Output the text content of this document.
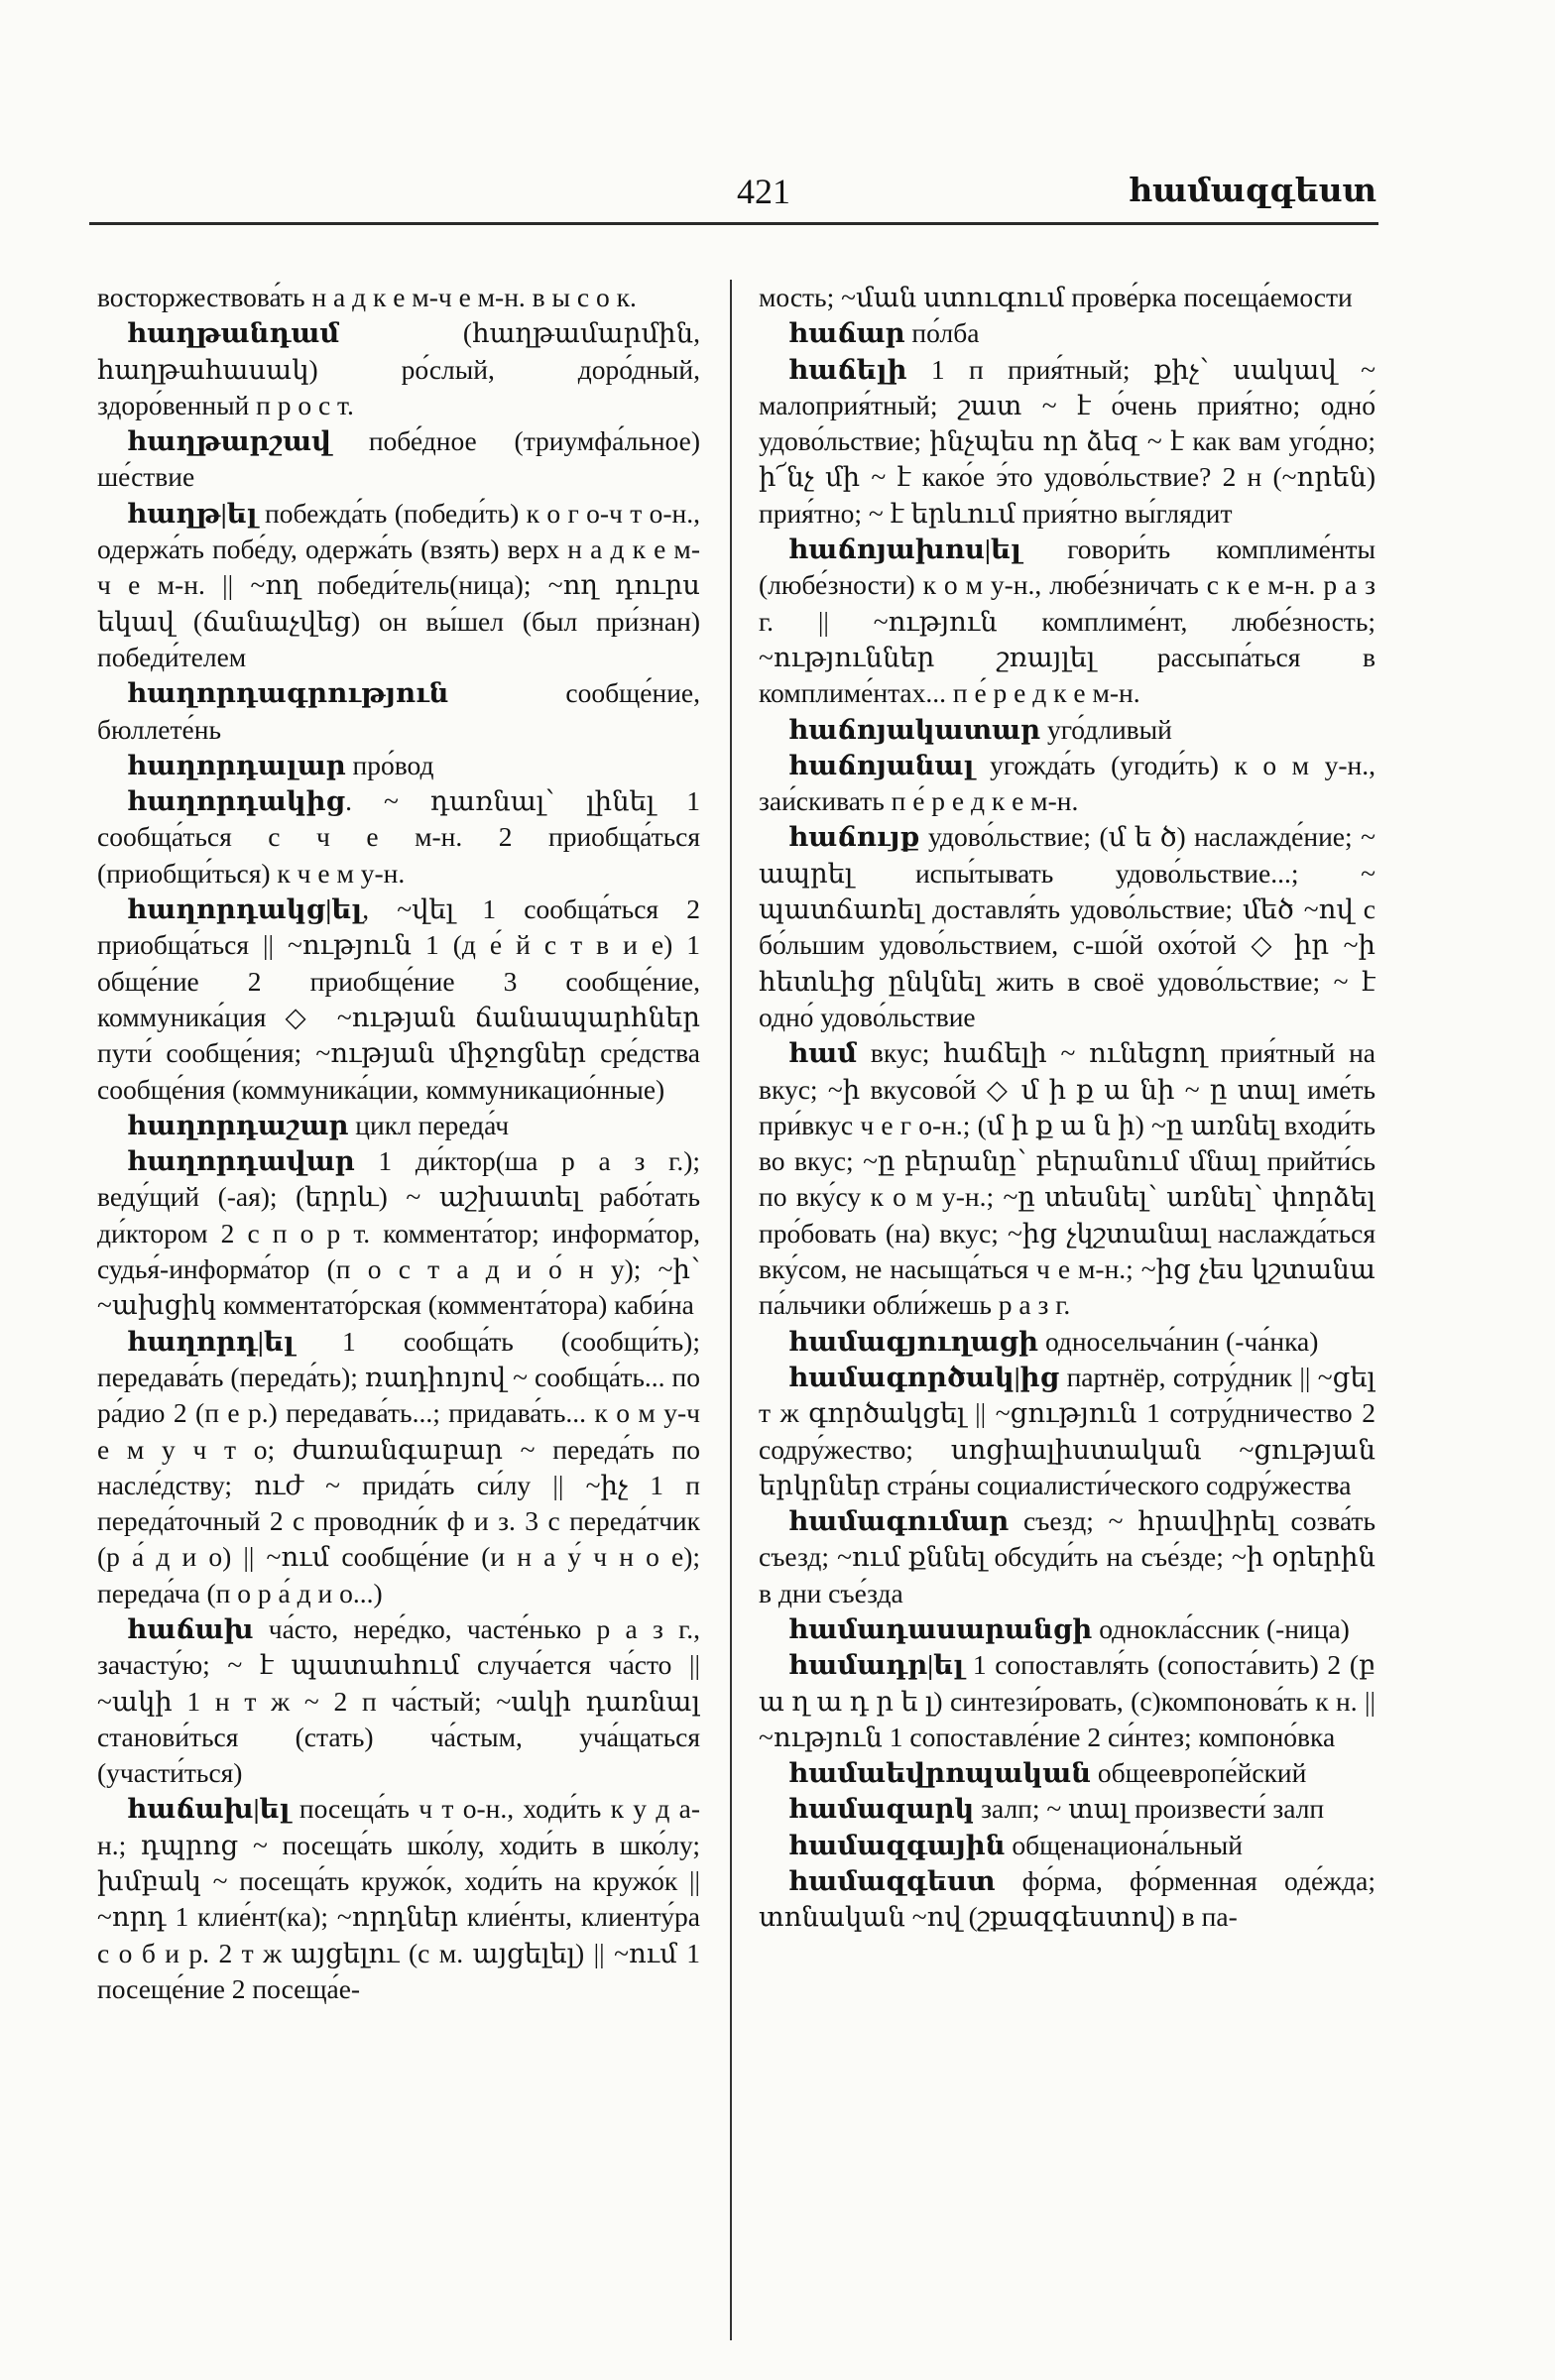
421	համազգեստ

восторжествова́ть н а д к е м-ч е м-н. в ы с о к.

հաղթանդամ (հաղթամարմին, հաղթահասակ) ро́слый, доро́дный, здоро́венный п р о с т.

հաղթարշավ побе́дное (триумфа́льное) ше́ствие

հաղթ|ել побежда́ть (победи́ть) к о г о-ч т о-н., одержа́ть побе́ду, одержа́ть (взять) верх н а д к е м-ч е м-н. || ~ող победи́тель(ница); ~ող դուրս եկավ (ճանաչվեց) он вы́шел (был при́знан) победи́телем

հաղորդագրություն сообще́ние, бюллете́нь

հաղորդալար про́вод

հաղորդակից. ~ դառնալ՝ լինել 1 сообща́ться с ч е м-н. 2 приобща́ться (приобщи́ться) к ч е м у-н.

հաղորդակց|ել, ~վել 1 сообща́ться 2 приобща́ться || ~ություն 1 (д е́ й с т в и е) 1 обще́ние 2 приобще́ние 3 сообще́ние, коммуника́ция ◇ ~ության ճանապարհներ пути́ сообще́ния; ~ության միջոցներ сре́дства сообще́ния (коммуника́ции, коммуникацио́нные)

հաղորդաշար цикл переда́ч

հաղորդավար 1 ди́ктор(ша р а з г.); веду́щий (-ая); (երրև) ~ աշխատել рабо́тать ди́ктором 2 с п о р т. коммента́тор; информа́тор, судья́-информа́тор (п о с т а д и о́ н у); ~ի՝ ~ախցիկ комментато́рская (коммента́тора) каби́на

հաղորդ|ել 1 сообща́ть (сообщи́ть); передава́ть (переда́ть); ռադիոյով ~ сообща́ть... по ра́дио 2 (п е р.) передава́ть...; придава́ть... к о м у-ч е м у ч т о; ժառանգաբար ~ переда́ть по насле́дству; ուժ ~ прида́ть си́лу || ~իչ 1 п переда́точный 2 с проводни́к ф и з. 3 с переда́тчик (р а́ д и о) || ~ում сообще́ние (и н а у́ ч н о е); переда́ча (п о р а́ д и о...)

հաճախ ча́сто, нере́дко, часте́нько р а з г., зачасту́ю; ~ է պատահում случа́ется ча́сто || ~ակի 1 н т ж ~ 2 п ча́стый; ~ակի դառնալ станови́ться (стать) ча́стым, уча́щаться (участи́ться)

հաճախ|ել посеща́ть ч т о-н., ходи́ть к у д а-н.; դպրոց ~ посеща́ть шко́лу, ходи́ть в шко́лу; խմբակ ~ посеща́ть кружо́к, ходи́ть на кружо́к || ~որդ 1 клие́нт(ка); ~որդներ клие́нты, клиенту́ра с о б и р. 2 т ж այցելու (с м. այցելել) || ~ում 1 посеще́ние 2 посеща́е-

мость; ~ման ստուգում прове́рка посеща́емости

հաճար по́лба

հաճելի 1 п прия́тный; քիչ՝ սակավ ~ малоприя́тный; շատ ~ է о́чень прия́тно; одно́ удово́льствие; ինչպես որ ձեզ ~ է как вам уго́дно; ի՜նչ մի ~ է како́е э́то удово́льствие? 2 н (~որեն) прия́тно; ~ է երևում прия́тно вы́глядит

հաճոյախոս|ել говори́ть комплиме́нты (любе́зности) к о м у-н., любе́зничать с к е м-н. р а з г. || ~ություն комплиме́нт, любе́зность; ~ություններ շռայլել рассыпа́ться в комплиме́нтах... п е́ р е д к е м-н.

հաճոյակատար уго́дливый

հաճոյանալ угожда́ть (угоди́ть) к о м у-н., заи́скивать п е́ р е д к е м-н.

հաճույք удово́льствие; (մ ե ծ) наслажде́ние; ~ ապրել испы́тывать удово́льствие...; ~ պատճառել доставля́ть удово́льствие; մեծ ~ով с бо́льшим удово́льствием, с-шо́й охо́той ◇ իր ~ի հետևից ընկնել жить в своё удово́льствие; ~ է одно́ удово́льствие

համ вкус; հաճելի ~ ունեցող прия́тный на вкус; ~ի вкусово́й ◇ մ ի ք ա նի ~ ը տալ име́ть при́вкус ч е г о-н.; (մ ի ք ա ն ի) ~ը առնել входи́ть во вкус; ~ը բերանը՝ բերանում մնալ прийти́сь по вку́су к о м у-н.; ~ը տեսնել՝ առնել՝ փորձել про́бовать (на) вкус; ~ից չկշտանալ наслажда́ться вку́сом, не насыща́ться ч е м-н.; ~ից չես կշտանա па́льчики обли́жешь р а з г.

համագյուղացի односельча́нин (-ча́нка)

համագործակ|ից партнёр, сотру́дник || ~ցել т ж գործակցել || ~ցություն 1 сотру́дничество 2 содру́жество; սոցիալիստական ~ցության երկրներ стра́ны социалисти́ческого содру́жества

համագումար съезд; ~ հրավիրել созва́ть съезд; ~ում քննել обсуди́ть на съе́зде; ~ի օրերին в дни съе́зда

համադասարանցի однокла́ссник (-ница)

համադր|ել 1 сопоставля́ть (сопоста́вить) 2 (բ ա ղ ա դ ր ե լ) синтези́ровать, (с)компонова́ть к н. || ~ություն 1 сопоставле́ние 2 си́нтез; компоно́вка

համաեվրոպական общеевропе́йский

համազարկ залп; ~ տալ произвести́ залп

համազգային общенациона́льный

համազգեստ фо́рма, фо́рменная оде́жда; տոնական ~ով (շքազգեստով) в па-
